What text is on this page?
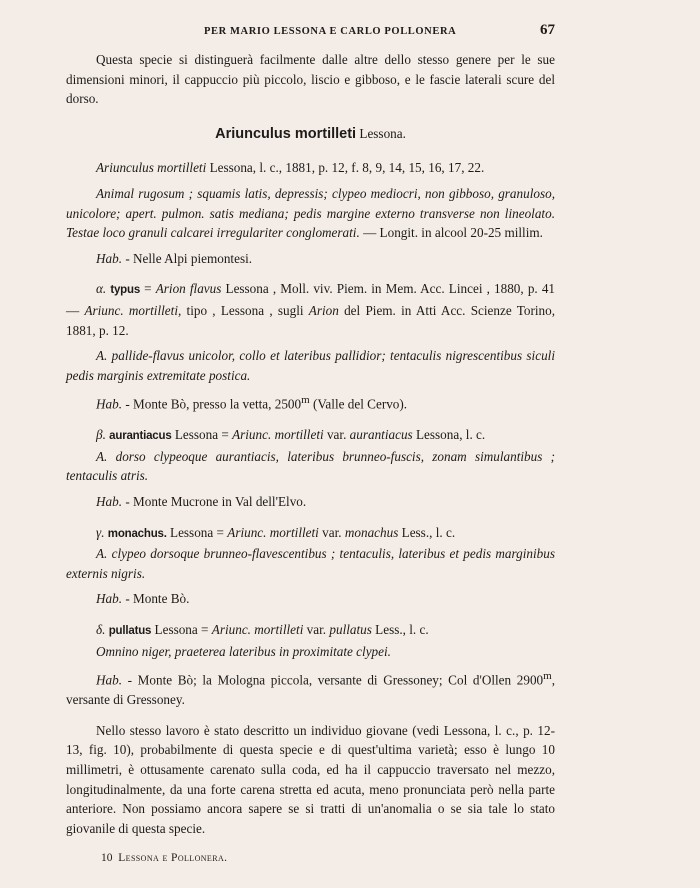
PER MARIO LESSONA E CARLO POLLONERA	67

Questa specie si distinguerà facilmente dalle altre dello stesso genere per le sue dimensioni minori, il cappuccio più piccolo, liscio e gibboso, e le fascie laterali scure del dorso.

Ariunculus mortilleti Lessona.

Ariunculus mortilleti Lessona, l. c., 1881, p. 12, f. 8, 9, 14, 15, 16, 17, 22.

Animal rugosum ; squamis latis, depressis; clypeo mediocri, non gibboso, granuloso, unicolore; apert. pulmon. satis mediana; pedis margine externo transverse non lineolato. Testae loco granuli calcarei irregulariter conglomerati. — Longit. in alcool 20-25 millim.

Hab. - Nelle Alpi piemontesi.

α. typus = Arion flavus Lessona , Moll. viv. Piem. in Mem. Acc. Lincei , 1880, p. 41 — Ariunc. mortilleti, tipo , Lessona , sugli Arion del Piem. in Atti Acc. Scienze Torino, 1881, p. 12.

A. pallide-flavus unicolor, collo et lateribus pallidior; tentaculis nigrescentibus siculi pedis marginis extremitate postica.

Hab. - Monte Bò, presso la vetta, 2500$^m$ (Valle del Cervo).

β. aurantiacus Lessona = Ariunc. mortilleti var. aurantiacus Lessona, l. c.

A. dorso clypeoque aurantiacis, lateribus brunneo-fuscis, zonam simulantibus ; tentaculis atris.

Hab. - Monte Mucrone in Val dell'Elvo.

γ. monachus. Lessona = Ariunc. mortilleti var. monachus Less., l. c.

A. clypeo dorsoque brunneo-flavescentibus ; tentaculis, lateribus et pedis marginibus externis nigris.

Hab. - Monte Bò.

δ. pullatus Lessona = Ariunc. mortilleti var. pullatus Less., l. c.

Omnino niger, praeterea lateribus in proximitate clypei.

Hab. - Monte Bò; la Mologna piccola, versante di Gressoney; Col d'Ollen 2900$^m$, versante di Gressoney.

Nello stesso lavoro è stato descritto un individuo giovane (vedi Lessona, l. c., p. 12-13, fig. 10), probabilmente di questa specie e di quest'ultima varietà; esso è lungo 10 millimetri, è ottusamente carenato sulla coda, ed ha il cappuccio traversato nel mezzo, longitudinalmente, da una forte carena stretta ed acuta, meno pronunciata però nella parte anteriore. Non possiamo ancora sapere se si tratti di un'anomalia o se sia tale lo stato giovanile di questa specie.

10 Lessona e Pollonera.
